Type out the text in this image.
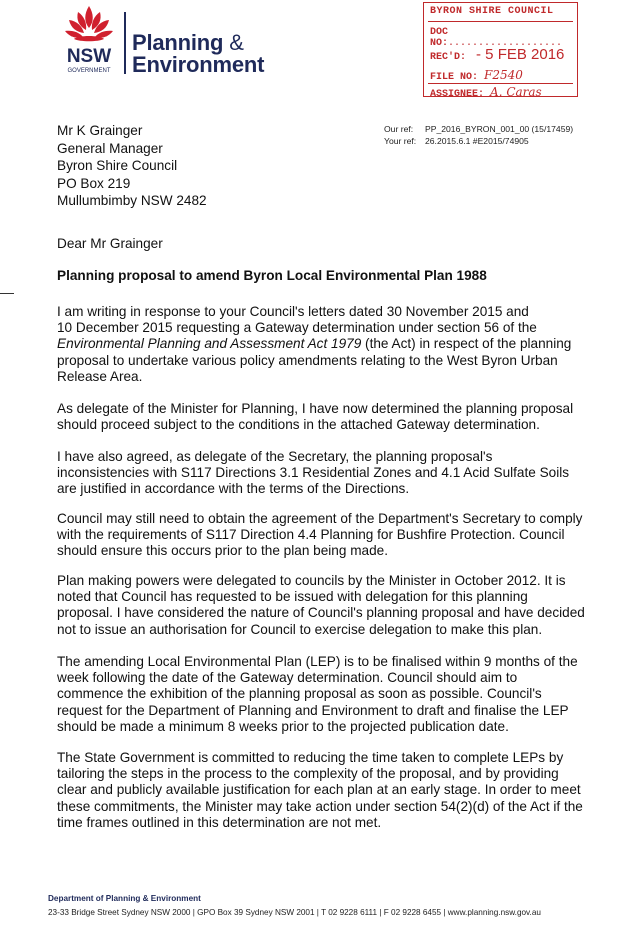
NSW
GOVERNMENT
Planning &
Environment
BYRON SHIRE COUNCIL
DOC NO:...................
REC'D: - 5 FEB 2016
FILE NO: F2540
ASSIGNEE: A. Caras
Mr K Grainger
General Manager
Byron Shire Council
PO Box 219
Mullumbimby NSW 2482
Our ref: PP_2016_BYRON_001_00 (15/17459)
Your ref: 26.2015.6.1 #E2015/74905
Dear Mr Grainger
Planning proposal to amend Byron Local Environmental Plan 1988
I am writing in response to your Council's letters dated 30 November 2015 and
10 December 2015 requesting a Gateway determination under section 56 of the
Environmental Planning and Assessment Act 1979 (the Act) in respect of the planning
proposal to undertake various policy amendments relating to the West Byron Urban
Release Area.
As delegate of the Minister for Planning, I have now determined the planning proposal
should proceed subject to the conditions in the attached Gateway determination.
I have also agreed, as delegate of the Secretary, the planning proposal's
inconsistencies with S117 Directions 3.1 Residential Zones and 4.1 Acid Sulfate Soils
are justified in accordance with the terms of the Directions.
Council may still need to obtain the agreement of the Department's Secretary to comply
with the requirements of S117 Direction 4.4 Planning for Bushfire Protection. Council
should ensure this occurs prior to the plan being made.
Plan making powers were delegated to councils by the Minister in October 2012. It is
noted that Council has requested to be issued with delegation for this planning
proposal. I have considered the nature of Council's planning proposal and have decided
not to issue an authorisation for Council to exercise delegation to make this plan.
The amending Local Environmental Plan (LEP) is to be finalised within 9 months of the
week following the date of the Gateway determination. Council should aim to
commence the exhibition of the planning proposal as soon as possible. Council's
request for the Department of Planning and Environment to draft and finalise the LEP
should be made a minimum 8 weeks prior to the projected publication date.
The State Government is committed to reducing the time taken to complete LEPs by
tailoring the steps in the process to the complexity of the proposal, and by providing
clear and publicly available justification for each plan at an early stage. In order to meet
these commitments, the Minister may take action under section 54(2)(d) of the Act if the
time frames outlined in this determination are not met.
Department of Planning & Environment
23-33 Bridge Street Sydney NSW 2000 | GPO Box 39 Sydney NSW 2001 | T 02 9228 6111 | F 02 9228 6455 | www.planning.nsw.gov.au
